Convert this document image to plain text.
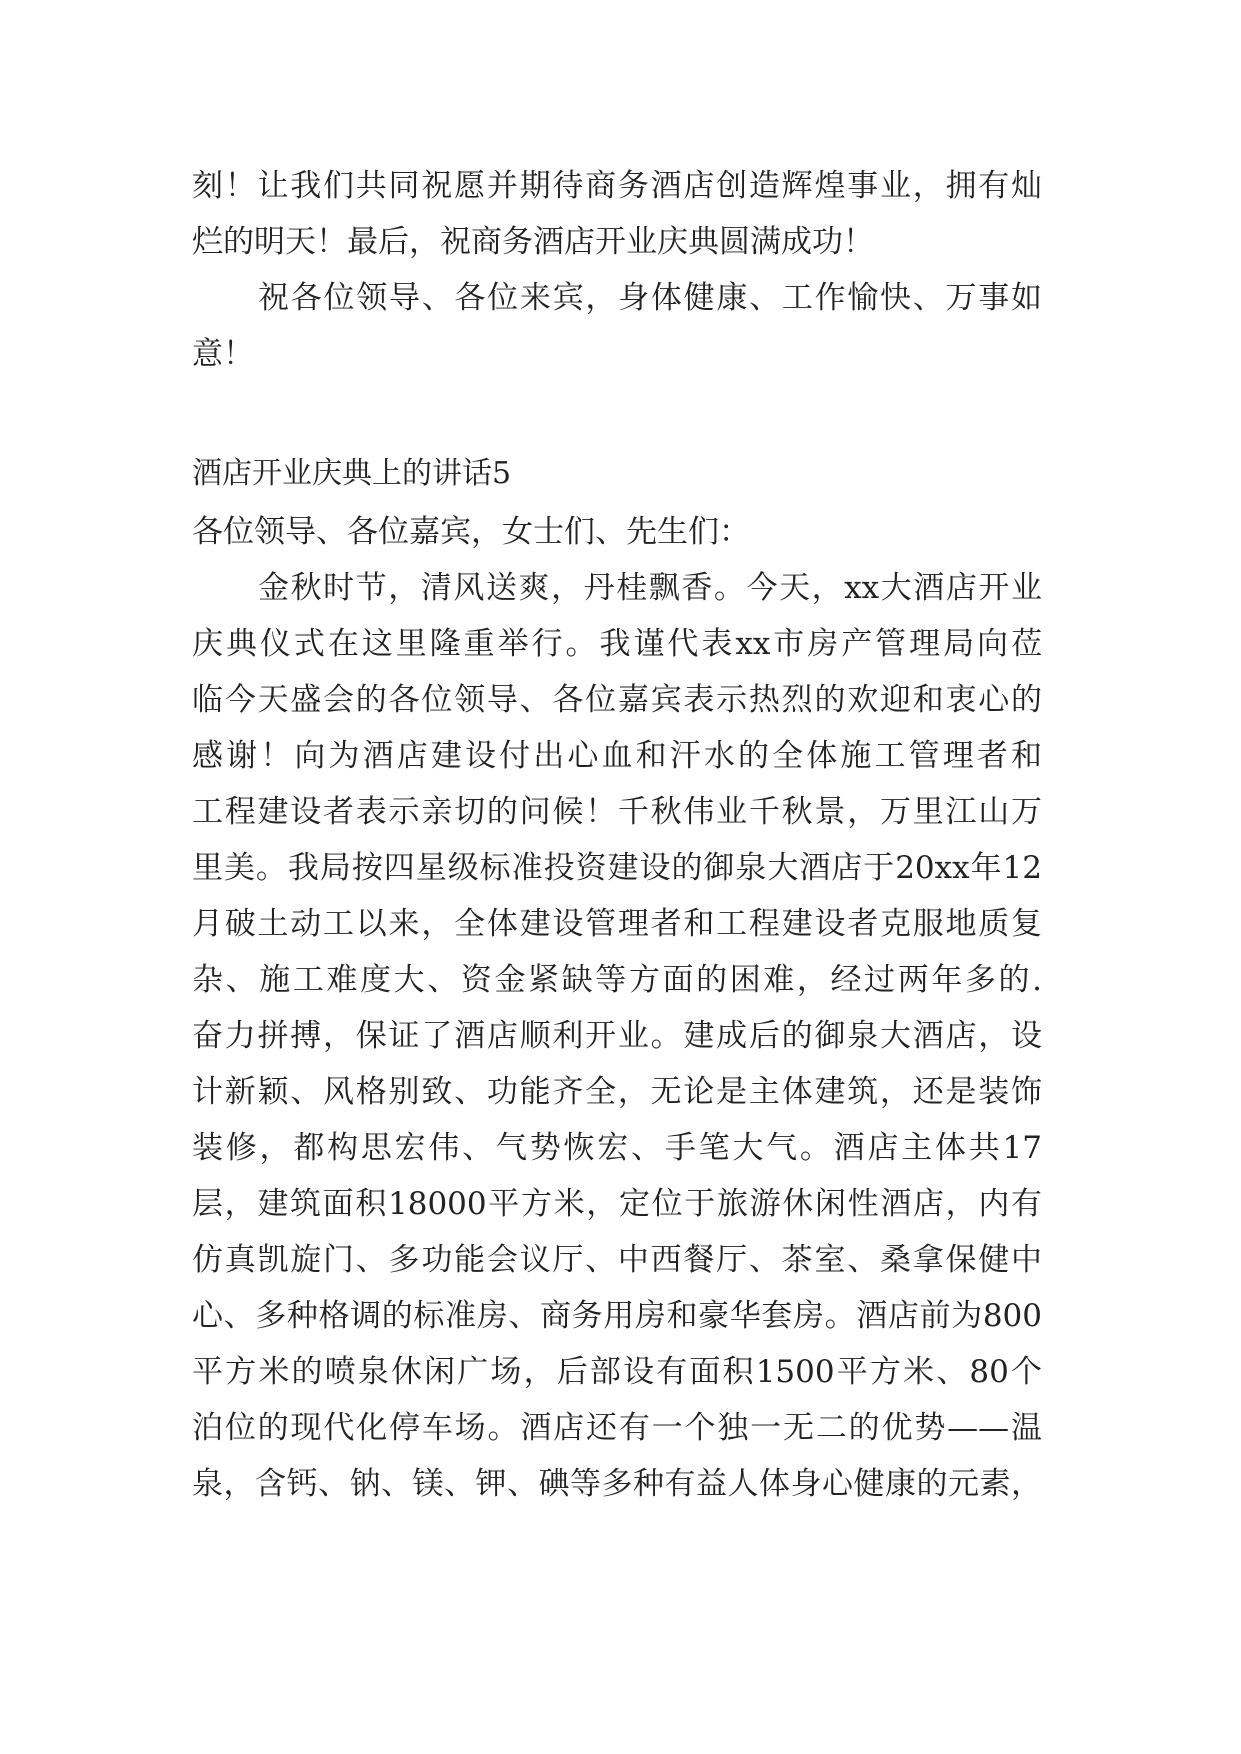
刻！让我们共同祝愿并期待商务酒店创造辉煌事业，拥有灿
烂的明天！最后，祝商务酒店开业庆典圆满成功！
祝各位领导、各位来宾，身体健康、工作愉快、万事如
意！
酒店开业庆典上的讲话5
各位领导、各位嘉宾，女士们、先生们：
金秋时节，清风送爽，丹桂飘香。今天，xx大酒店开业
庆典仪式在这里隆重举行。我谨代表xx市房产管理局向莅
临今天盛会的各位领导、各位嘉宾表示热烈的欢迎和衷心的
感谢！向为酒店建设付出心血和汗水的全体施工管理者和
工程建设者表示亲切的问候！千秋伟业千秋景，万里江山万
里美。我局按四星级标准投资建设的御泉大酒店于20xx年12
月破土动工以来，全体建设管理者和工程建设者克服地质复
杂、施工难度大、资金紧缺等方面的困难，经过两年多的.
奋力拼搏，保证了酒店顺利开业。建成后的御泉大酒店，设
计新颖、风格别致、功能齐全，无论是主体建筑，还是装饰
装修，都构思宏伟、气势恢宏、手笔大气。酒店主体共17
层，建筑面积18000平方米，定位于旅游休闲性酒店，内有
仿真凯旋门、多功能会议厅、中西餐厅、茶室、桑拿保健中
心、多种格调的标准房、商务用房和豪华套房。酒店前为800
平方米的喷泉休闲广场，后部设有面积1500平方米、80个
泊位的现代化停车场。酒店还有一个独一无二的优势——温
泉，含钙、钠、镁、钾、碘等多种有益人体身心健康的元素，
